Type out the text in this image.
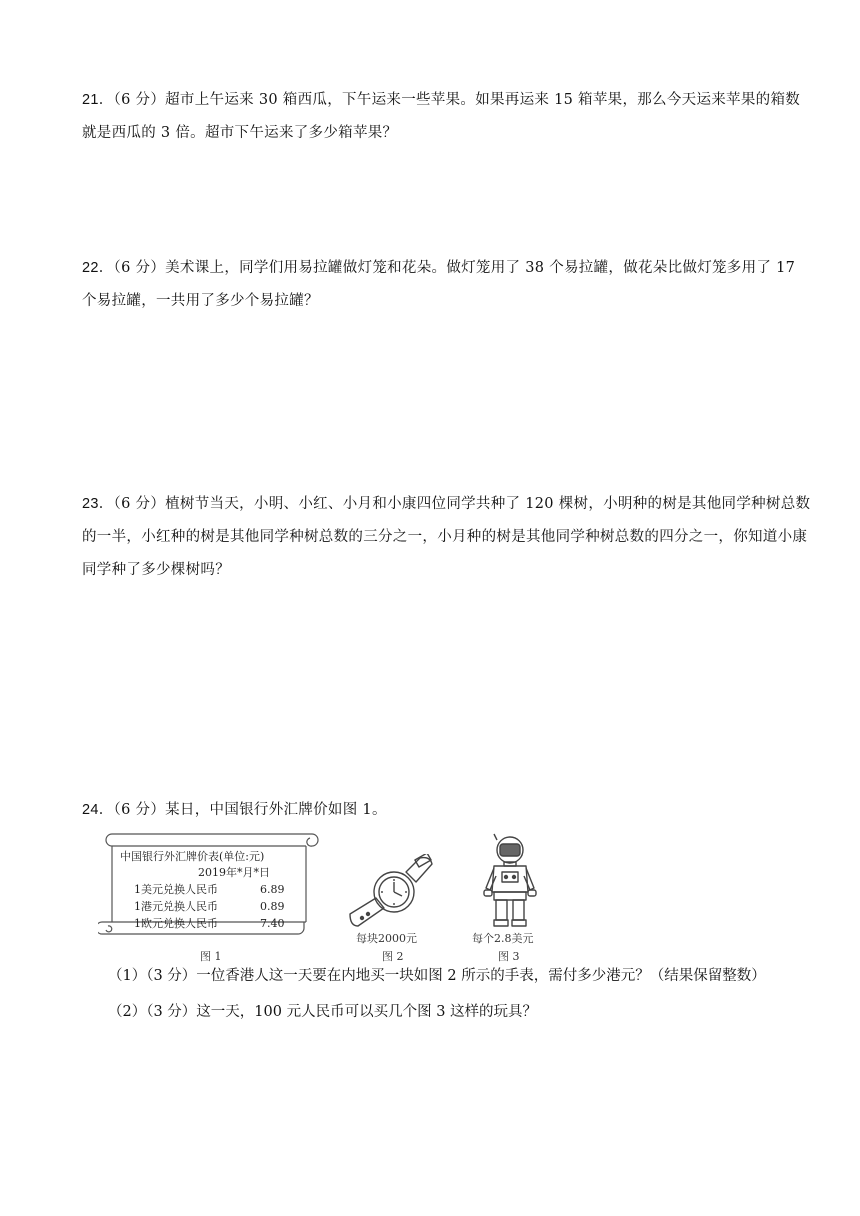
21．（6 分）超市上午运来 30 箱西瓜，下午运来一些苹果。如果再运来 15 箱苹果，那么今天运来苹果的箱数就是西瓜的 3 倍。超市下午运来了多少箱苹果？
22．（6 分）美术课上，同学们用易拉罐做灯笼和花朵。做灯笼用了 38 个易拉罐，做花朵比做灯笼多用了 17 个易拉罐，一共用了多少个易拉罐？
23．（6 分）植树节当天，小明、小红、小月和小康四位同学共种了 120 棵树，小明种的树是其他同学种树总数的一半，小红种的树是其他同学种树总数的三分之一，小月种的树是其他同学种树总数的四分之一，你知道小康同学种了多少棵树吗？
24．（6 分）某日，中国银行外汇牌价如图 1。
中国银行外汇牌价表(单位:元)
2019年*月*日
1美元兑换人民币	6.89
1港元兑换人民币	0.89
1欧元兑换人民币	7.40
图 1
每块2000元
图 2
每个2.8美元
图 3
（1）（3 分）一位香港人这一天要在内地买一块如图 2 所示的手表，需付多少港元？（结果保留整数）
（2）（3 分）这一天，100 元人民币可以买几个图 3 这样的玩具？
